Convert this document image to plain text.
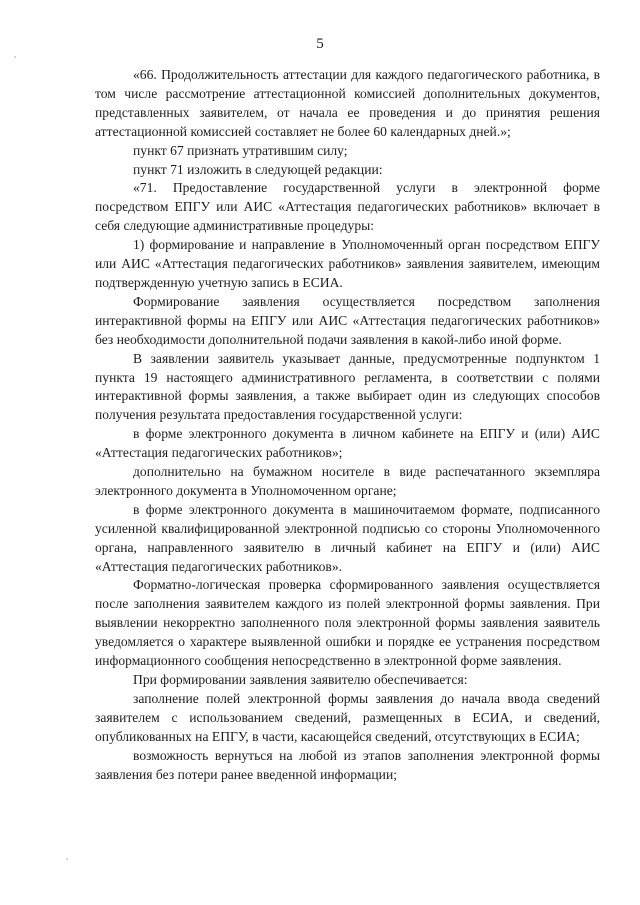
5

«66. Продолжительность аттестации для каждого педагогического работника, в том числе рассмотрение аттестационной комиссией дополнительных документов, представленных заявителем, от начала ее проведения и до принятия решения аттестационной комиссией составляет не более 60 календарных дней.»;

пункт 67 признать утратившим силу;

пункт 71 изложить в следующей редакции:

«71. Предоставление государственной услуги в электронной форме посредством ЕПГУ или АИС «Аттестация педагогических работников» включает в себя следующие административные процедуры:

1) формирование и направление в Уполномоченный орган посредством ЕПГУ или АИС «Аттестация педагогических работников» заявления заявителем, имеющим подтвержденную учетную запись в ЕСИА.

Формирование заявления осуществляется посредством заполнения интерактивной формы на ЕПГУ или АИС «Аттестация педагогических работников» без необходимости дополнительной подачи заявления в какой-либо иной форме.

В заявлении заявитель указывает данные, предусмотренные подпунктом 1 пункта 19 настоящего административного регламента, в соответствии с полями интерактивной формы заявления, а также выбирает один из следующих способов получения результата предоставления государственной услуги:

в форме электронного документа в личном кабинете на ЕПГУ и (или) АИС «Аттестация педагогических работников»;

дополнительно на бумажном носителе в виде распечатанного экземпляра электронного документа в Уполномоченном органе;

в форме электронного документа в машиночитаемом формате, подписанного усиленной квалифицированной электронной подписью со стороны Уполномоченного органа, направленного заявителю в личный кабинет на ЕПГУ и (или) АИС «Аттестация педагогических работников».

Форматно-логическая проверка сформированного заявления осуществляется после заполнения заявителем каждого из полей электронной формы заявления. При выявлении некорректно заполненного поля электронной формы заявления заявитель уведомляется о характере выявленной ошибки и порядке ее устранения посредством информационного сообщения непосредственно в электронной форме заявления.

При формировании заявления заявителю обеспечивается:

заполнение полей электронной формы заявления до начала ввода сведений заявителем с использованием сведений, размещенных в ЕСИА, и сведений, опубликованных на ЕПГУ, в части, касающейся сведений, отсутствующих в ЕСИА;

возможность вернуться на любой из этапов заполнения электронной формы заявления без потери ранее введенной информации;
